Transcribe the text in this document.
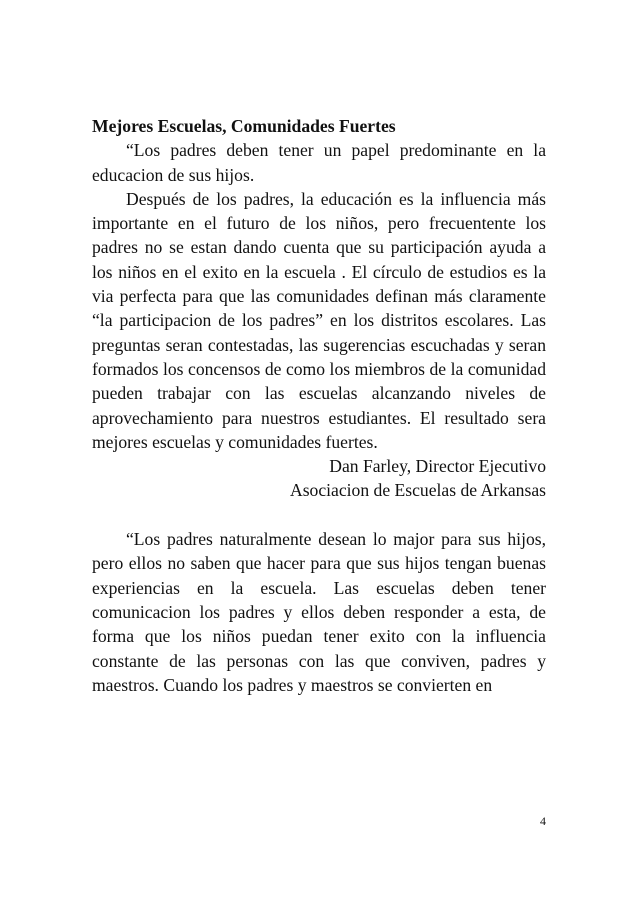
Mejores Escuelas, Comunidades Fuertes

“Los padres deben tener un papel predominante en la educacion de sus hijos.

Después de los padres, la educación es la influencia más importante en el futuro de los niños, pero frecuentente los padres no se estan dando cuenta que su participación ayuda a los niños en el exito en la escuela . El círculo de estudios es la via perfecta para que las comunidades definan más claramente “la participacion de los padres” en los distritos escolares. Las preguntas seran contestadas, las sugerencias escuchadas y seran formados los concensos de como los miembros de la comunidad pueden trabajar con las escuelas alcanzando niveles de aprovechamiento para nuestros estudiantes. El resultado sera mejores escuelas y comunidades fuertes.

Dan Farley, Director Ejecutivo

Asociacion de Escuelas de Arkansas

“Los padres naturalmente desean lo major para sus hijos, pero ellos no saben que hacer para que sus hijos tengan buenas experiencias en la escuela. Las escuelas deben tener comunicacion los padres y ellos deben responder a esta, de forma que los niños puedan tener exito con la influencia constante de las personas con las que conviven, padres y maestros. Cuando los padres y maestros se convierten en

4
